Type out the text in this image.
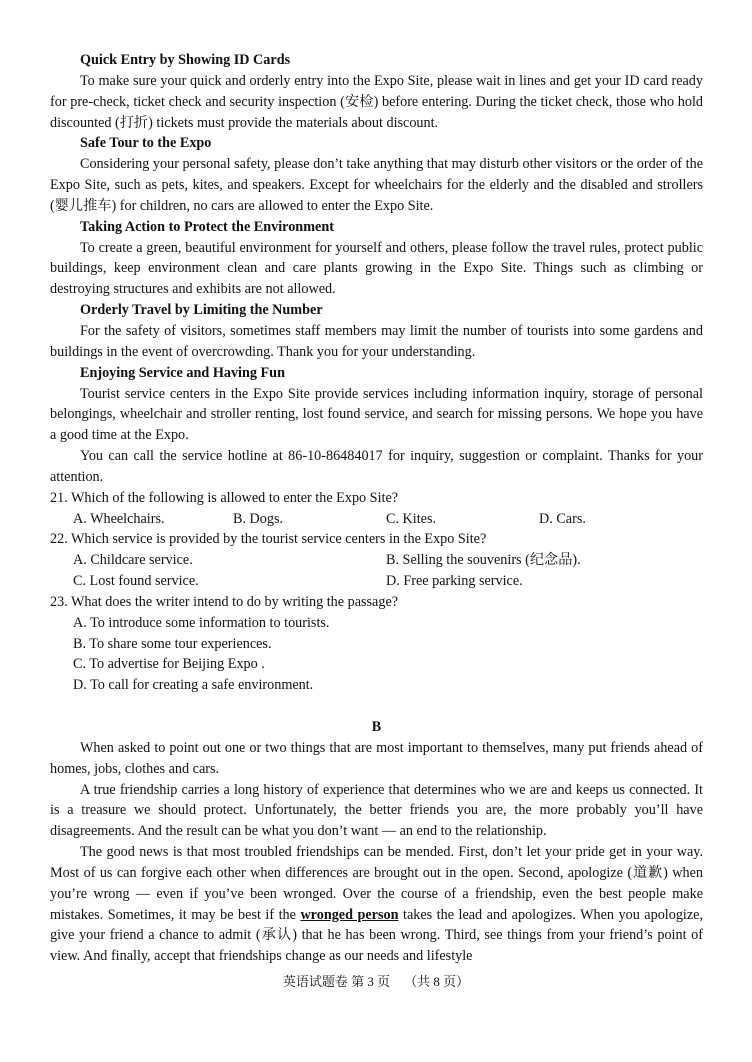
Quick Entry by Showing ID Cards

To make sure your quick and orderly entry into the Expo Site, please wait in lines and get your ID card ready for pre-check, ticket check and security inspection (安检) before entering. During the ticket check, those who hold discounted (打折) tickets must provide the materials about discount.

Safe Tour to the Expo

Considering your personal safety, please don’t take anything that may disturb other visitors or the order of the Expo Site, such as pets, kites, and speakers. Except for wheelchairs for the elderly and the disabled and strollers (婴儿推车) for children, no cars are allowed to enter the Expo Site.

Taking Action to Protect the Environment

To create a green, beautiful environment for yourself and others, please follow the travel rules, protect public buildings, keep environment clean and care plants growing in the Expo Site. Things such as climbing or destroying structures and exhibits are not allowed.

Orderly Travel by Limiting the Number

For the safety of visitors, sometimes staff members may limit the number of tourists into some gardens and buildings in the event of overcrowding. Thank you for your understanding.

Enjoying Service and Having Fun

Tourist service centers in the Expo Site provide services including information inquiry, storage of personal belongings, wheelchair and stroller renting, lost found service, and search for missing persons. We hope you have a good time at the Expo.

You can call the service hotline at 86-10-86484017 for inquiry, suggestion or complaint. Thanks for your attention.

21. Which of the following is allowed to enter the Expo Site?

A. Wheelchairs.	B. Dogs.	C. Kites.	D. Cars.

22. Which service is provided by the tourist service centers in the Expo Site?

A. Childcare service.	B. Selling the souvenirs (纪念品).
C. Lost found service.	D. Free parking service.

23. What does the writer intend to do by writing the passage?

A. To introduce some information to tourists.

B. To share some tour experiences.

C. To advertise for Beijing Expo .

D. To call for creating a safe environment.

B

When asked to point out one or two things that are most important to themselves, many put friends ahead of homes, jobs, clothes and cars.

A true friendship carries a long history of experience that determines who we are and keeps us connected. It is a treasure we should protect. Unfortunately, the better friends you are, the more probably you’ll have disagreements. And the result can be what you don’t want — an end to the relationship.

The good news is that most troubled friendships can be mended. First, don’t let your pride get in your way. Most of us can forgive each other when differences are brought out in the open. Second, apologize (道歉) when you’re wrong — even if you’ve been wronged. Over the course of a friendship, even the best people make mistakes. Sometimes, it may be best if the wronged person takes the lead and apologizes. When you apologize, give your friend a chance to admit (承认) that he has been wrong. Third, see things from your friend’s point of view. And finally, accept that friendships change as our needs and lifestyle

英语试题卷 第 3 页 （共 8 页）
